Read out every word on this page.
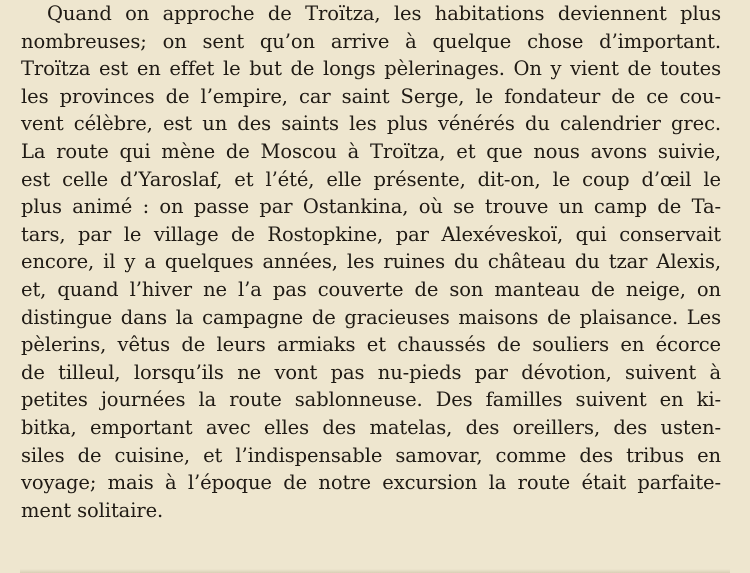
Quand on approche de Troïtza, les habitations deviennent plus
nombreuses; on sent qu’on arrive à quelque chose d’important.
Troïtza est en effet le but de longs pèlerinages. On y vient de toutes
les provinces de l’empire, car saint Serge, le fondateur de ce cou-
vent célèbre, est un des saints les plus vénérés du calendrier grec.
La route qui mène de Moscou à Troïtza, et que nous avons suivie,
est celle d’Yaroslaf, et l’été, elle présente, dit-on, le coup d’œil le
plus animé : on passe par Ostankina, où se trouve un camp de Ta-
tars, par le village de Rostopkine, par Alexéveskoï, qui conservait
encore, il y a quelques années, les ruines du château du tzar Alexis,
et, quand l’hiver ne l’a pas couverte de son manteau de neige, on
distingue dans la campagne de gracieuses maisons de plaisance. Les
pèlerins, vêtus de leurs armiaks et chaussés de souliers en écorce
de tilleul, lorsqu’ils ne vont pas nu-pieds par dévotion, suivent à
petites journées la route sablonneuse. Des familles suivent en ki-
bitka, emportant avec elles des matelas, des oreillers, des usten-
siles de cuisine, et l’indispensable samovar, comme des tribus en
voyage; mais à l’époque de notre excursion la route était parfaite-
ment solitaire.
